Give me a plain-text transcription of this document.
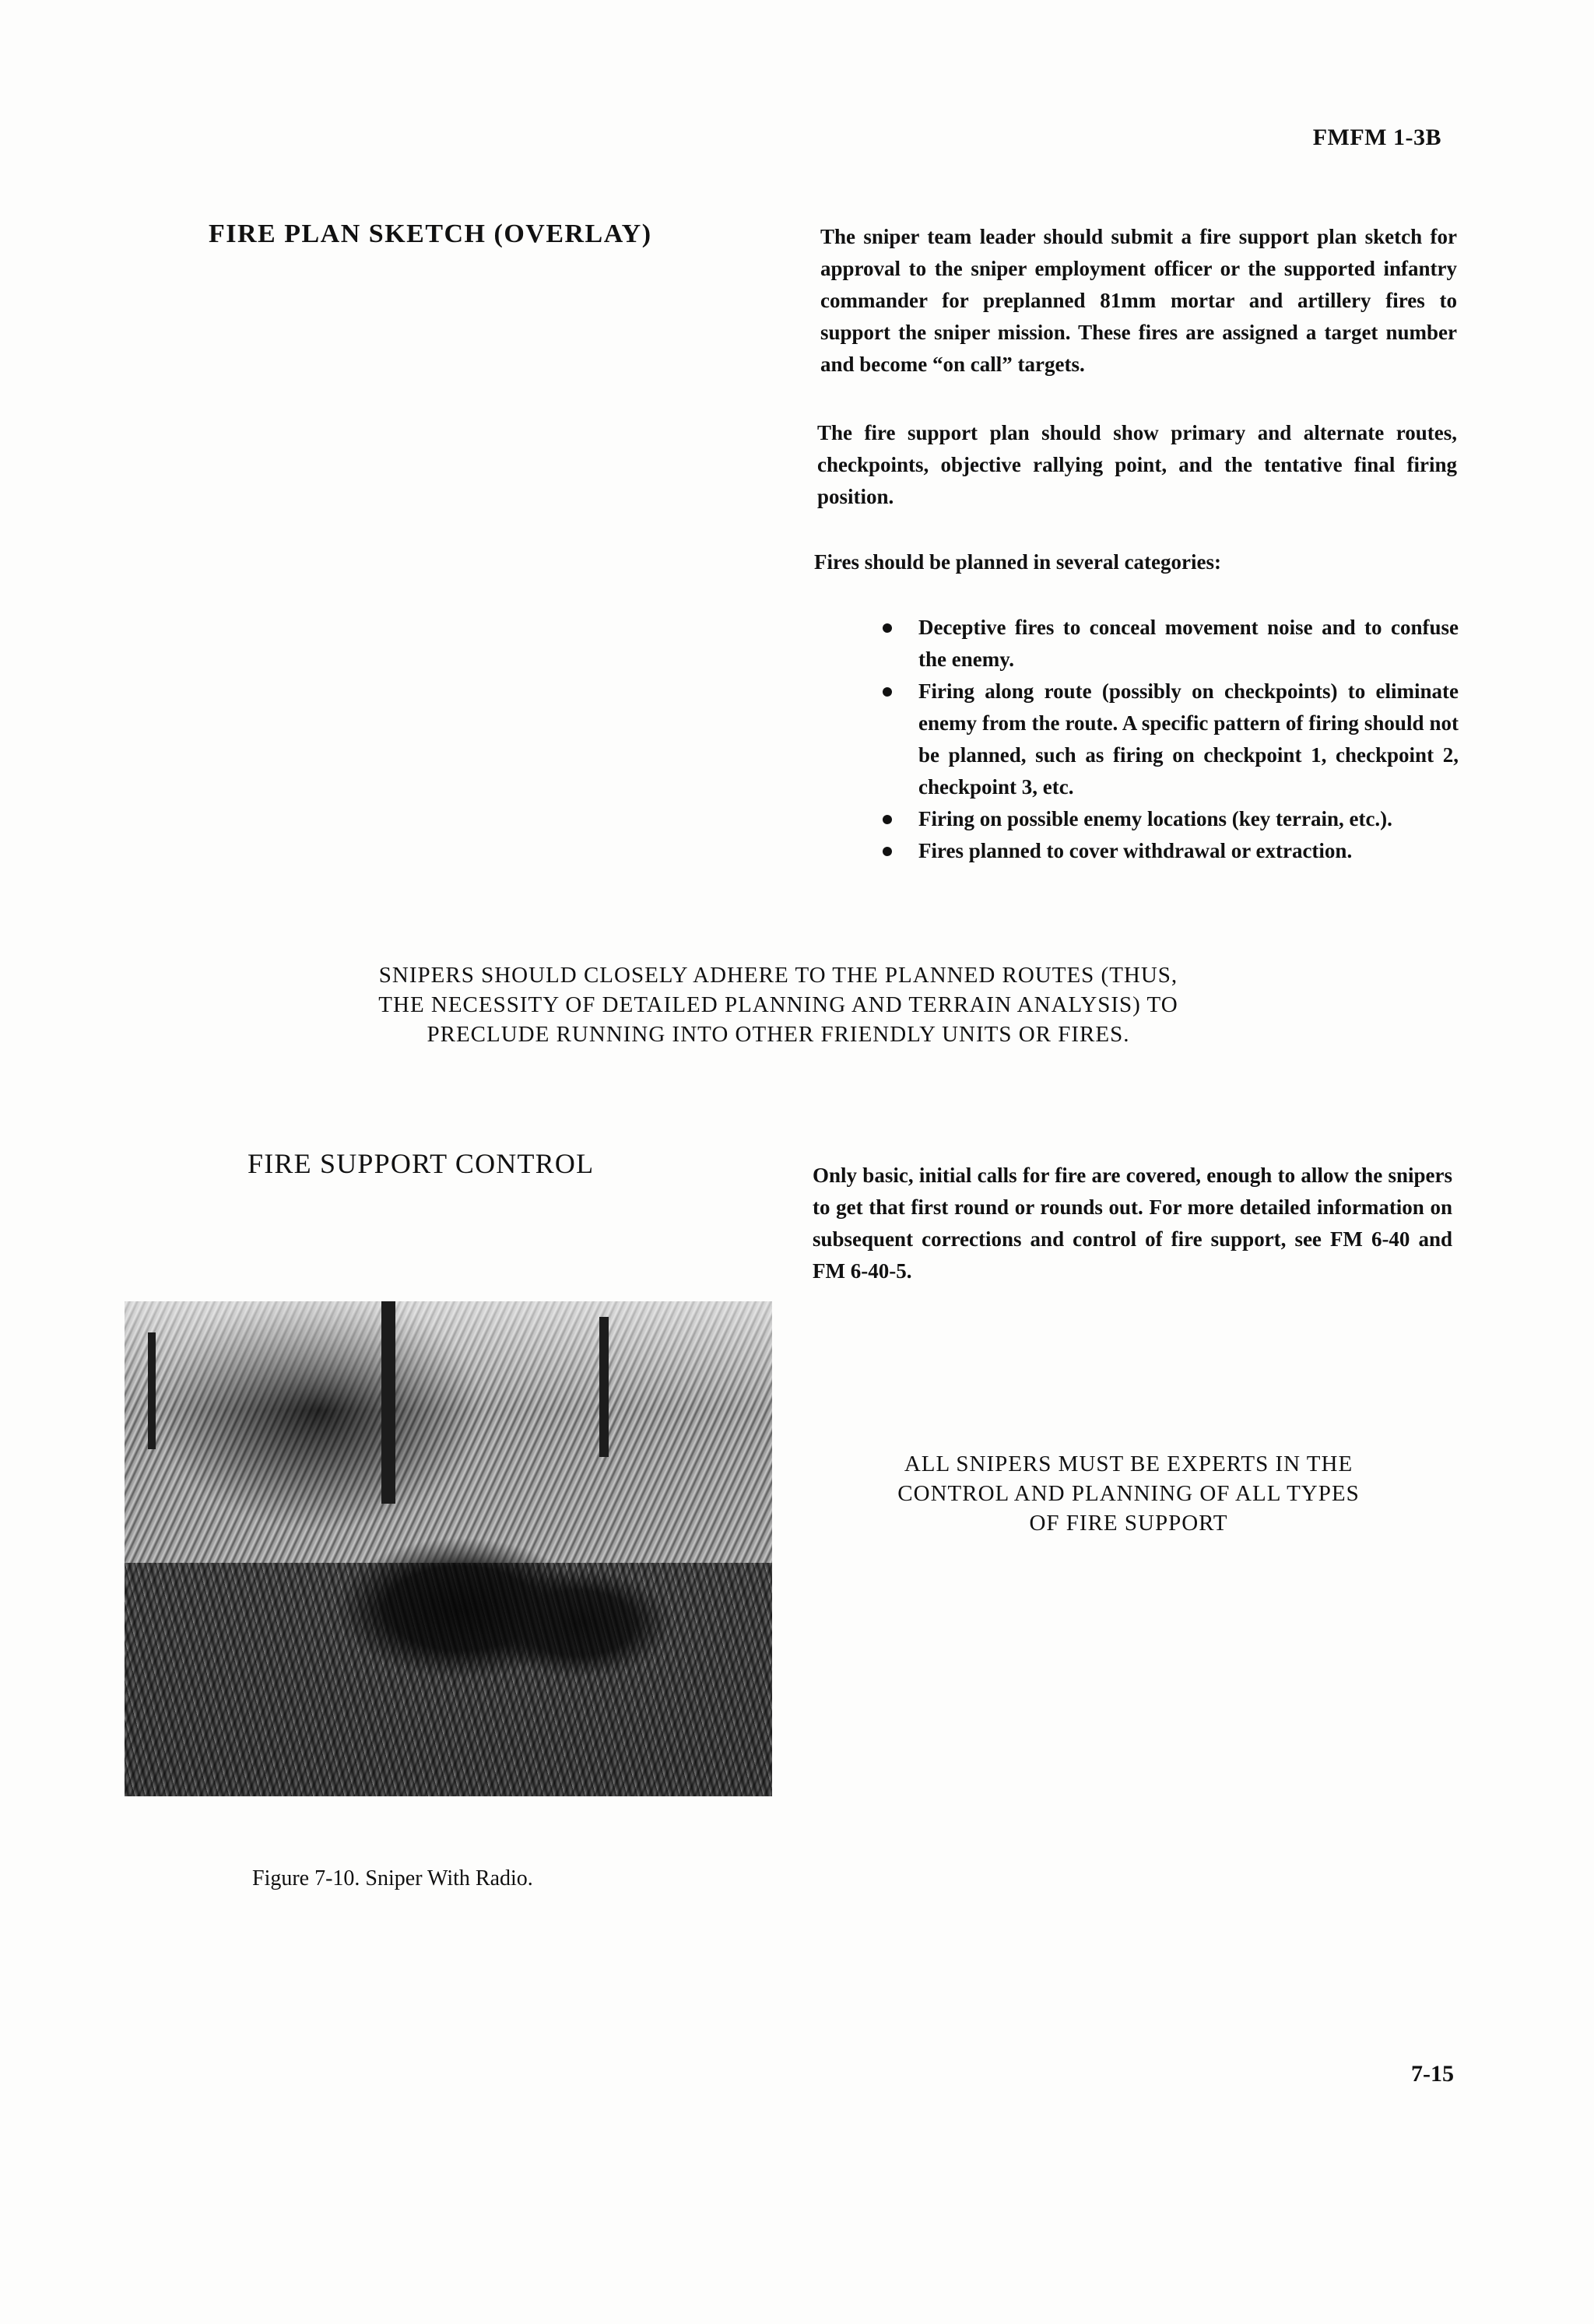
FMFM 1-3B
FIRE PLAN SKETCH (OVERLAY)	The sniper team leader should submit a fire support plan sketch for approval to the sniper employment officer or the supported infantry commander for preplanned 81mm mortar and artillery fires to support the sniper mission. These fires are assigned a target number and become “on call” targets.
The fire support plan should show primary and alternate routes, checkpoints, objective rallying point, and the tentative final firing position.
Fires should be planned in several categories:
Deceptive fires to conceal movement noise and to confuse the enemy.
Firing along route (possibly on checkpoints) to eliminate enemy from the route. A specific pattern of firing should not be planned, such as firing on checkpoint 1, checkpoint 2, checkpoint 3, etc.
Firing on possible enemy locations (key terrain, etc.).
Fires planned to cover withdrawal or extraction.
SNIPERS SHOULD CLOSELY ADHERE TO THE PLANNED ROUTES (THUS,
THE NECESSITY OF DETAILED PLANNING AND TERRAIN ANALYSIS) TO
PRECLUDE RUNNING INTO OTHER FRIENDLY UNITS OR FIRES.
FIRE SUPPORT CONTROL	Only basic, initial calls for fire are covered, enough to allow the snipers to get that first round or rounds out. For more detailed information on subsequent corrections and control of fire support, see FM 6-40 and FM 6-40-5.
ALL SNIPERS MUST BE EXPERTS IN THE
CONTROL AND PLANNING OF ALL TYPES
OF FIRE SUPPORT
Figure 7-10. Sniper With Radio.
7-15
